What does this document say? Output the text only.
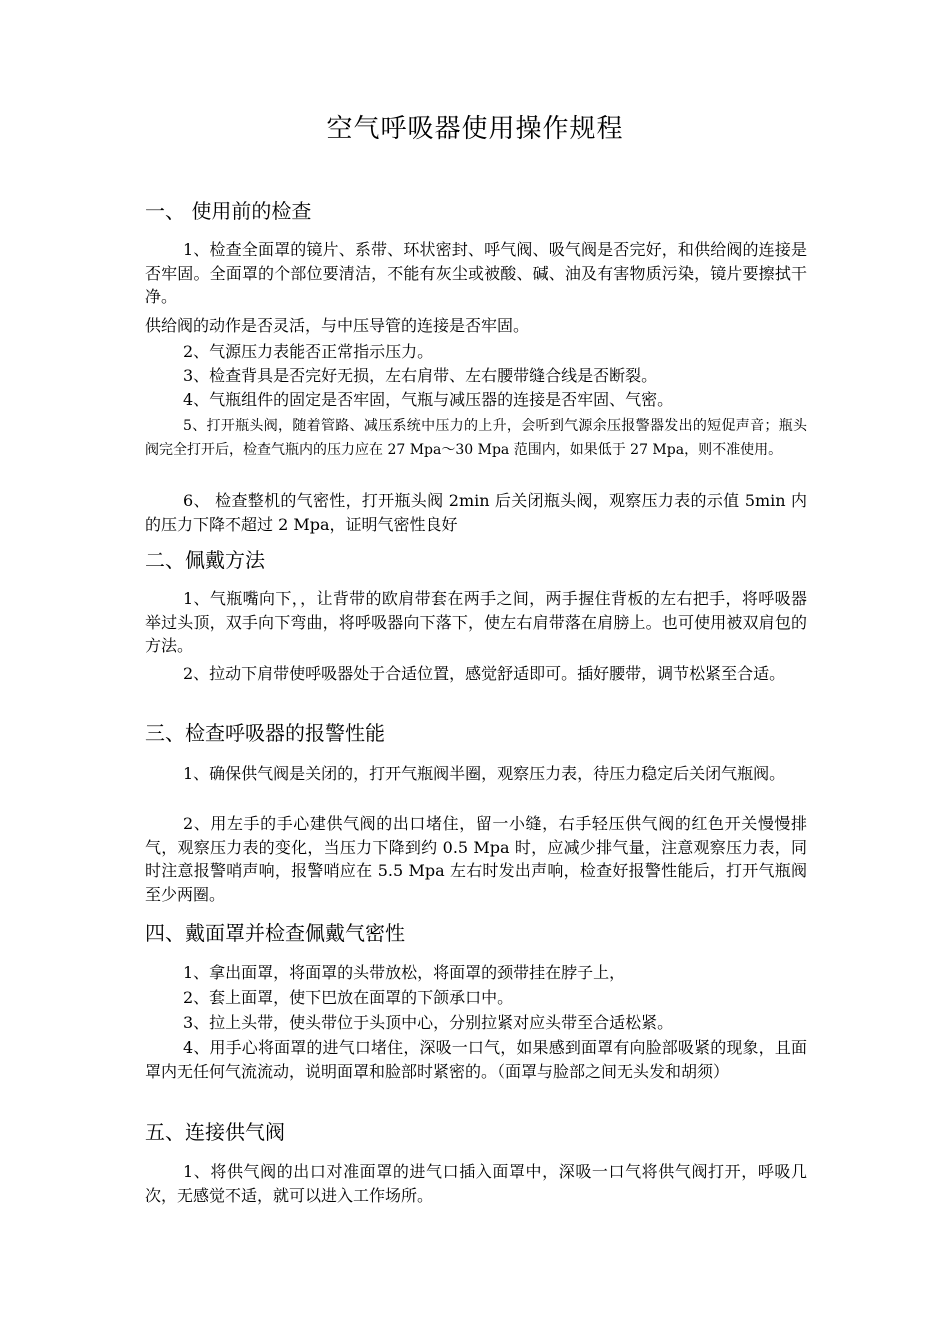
空气呼吸器使用操作规程
一、 使用前的检查
1、检查全面罩的镜片、系带、环状密封、呼气阀、吸气阀是否完好，和供给阀的连接是否牢固。全面罩的个部位要清洁，不能有灰尘或被酸、碱、油及有害物质污染，镜片要擦拭干净。
供给阀的动作是否灵活，与中压导管的连接是否牢固。
2、气源压力表能否正常指示压力。
3、检查背具是否完好无损，左右肩带、左右腰带缝合线是否断裂。
4、气瓶组件的固定是否牢固，气瓶与减压器的连接是否牢固、气密。
5、打开瓶头阀，随着管路、减压系统中压力的上升，会听到气源余压报警器发出的短促声音；瓶头阀完全打开后，检查气瓶内的压力应在 27 Mpa～30 Mpa 范围内，如果低于 27 Mpa，则不准使用。
6、 检查整机的气密性，打开瓶头阀 2min 后关闭瓶头阀，观察压力表的示值 5min 内的压力下降不超过 2 Mpa，证明气密性良好
二、佩戴方法
1、气瓶嘴向下，，让背带的欧肩带套在两手之间，两手握住背板的左右把手，将呼吸器举过头顶，双手向下弯曲，将呼吸器向下落下，使左右肩带落在肩膀上。也可使用被双肩包的方法。
2、拉动下肩带使呼吸器处于合适位置，感觉舒适即可。插好腰带，调节松紧至合适。
三、检查呼吸器的报警性能
1、确保供气阀是关闭的，打开气瓶阀半圈，观察压力表，待压力稳定后关闭气瓶阀。
2、用左手的手心建供气阀的出口堵住，留一小缝，右手轻压供气阀的红色开关慢慢排气，观察压力表的变化，当压力下降到约 0.5 Mpa 时，应减少排气量，注意观察压力表，同时注意报警哨声响，报警哨应在 5.5 Mpa 左右时发出声响，检查好报警性能后，打开气瓶阀至少两圈。
四、戴面罩并检查佩戴气密性
1、拿出面罩，将面罩的头带放松，将面罩的颈带挂在脖子上，
2、套上面罩，使下巴放在面罩的下颌承口中。
3、拉上头带，使头带位于头顶中心，分别拉紧对应头带至合适松紧。
4、用手心将面罩的进气口堵住，深吸一口气，如果感到面罩有向脸部吸紧的现象，且面罩内无任何气流流动，说明面罩和脸部时紧密的。（面罩与脸部之间无头发和胡须）
五、连接供气阀
1、将供气阀的出口对准面罩的进气口插入面罩中，深吸一口气将供气阀打开，呼吸几次，无感觉不适，就可以进入工作场所。
